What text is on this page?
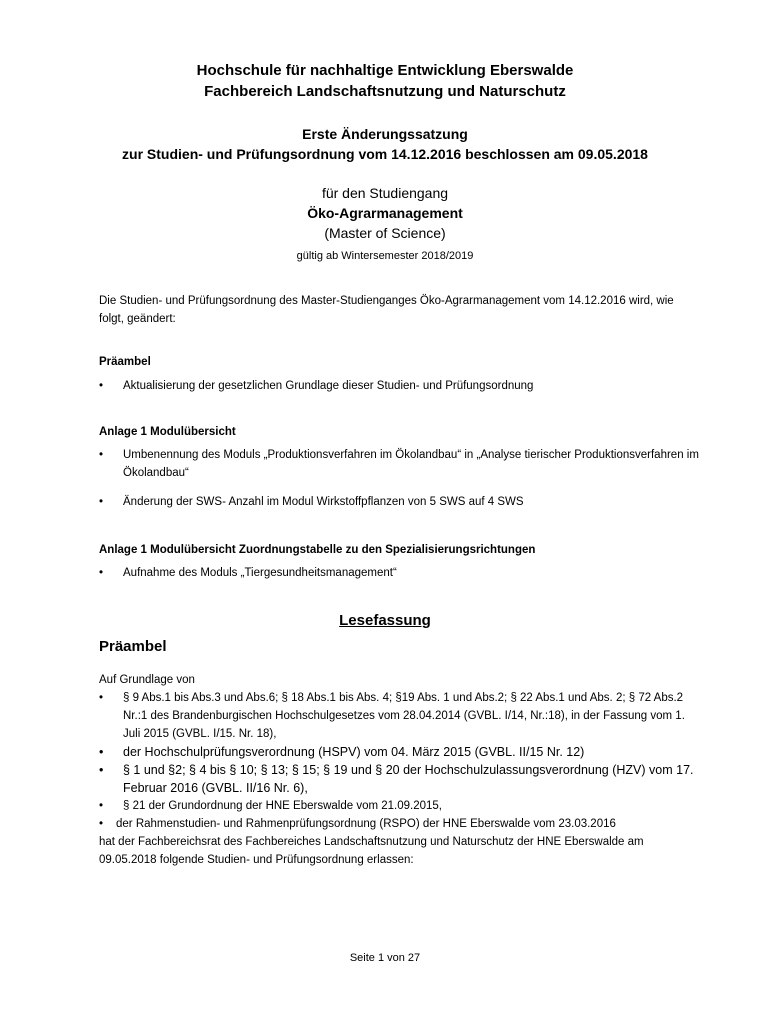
Hochschule für nachhaltige Entwicklung Eberswalde
Fachbereich Landschaftsnutzung und Naturschutz
Erste Änderungssatzung
zur Studien- und Prüfungsordnung vom 14.12.2016 beschlossen am 09.05.2018
für den Studiengang
Öko-Agrarmanagement
(Master of Science)
gültig ab Wintersemester 2018/2019
Die Studien- und Prüfungsordnung des Master-Studienganges Öko-Agrarmanagement vom 14.12.2016 wird, wie folgt, geändert:
Präambel
• Aktualisierung der gesetzlichen Grundlage dieser Studien- und Prüfungsordnung
Anlage 1 Modulübersicht
• Umbenennung des Moduls „Produktionsverfahren im Ökolandbau“ in „Analyse tierischer Produktionsverfahren im Ökolandbau“
• Änderung der SWS- Anzahl im Modul Wirkstoffpflanzen von 5 SWS auf 4 SWS
Anlage 1 Modulübersicht Zuordnungstabelle zu den Spezialisierungsrichtungen
• Aufnahme des Moduls „Tiergesundheitsmanagement“
Lesefassung
Präambel
Auf Grundlage von
• § 9 Abs.1 bis Abs.3 und Abs.6; § 18 Abs.1 bis Abs. 4; §19 Abs. 1 und Abs.2; § 22 Abs.1 und Abs. 2; § 72 Abs.2 Nr.:1 des Brandenburgischen Hochschulgesetzes vom 28.04.2014 (GVBL. I/14, Nr.:18), in der Fassung vom 1. Juli 2015 (GVBL. I/15. Nr. 18),
• der Hochschulprüfungsverordnung (HSPV) vom 04. März 2015 (GVBL. II/15 Nr. 12)
• § 1 und §2; § 4 bis § 10; § 13; § 15; § 19 und § 20 der Hochschulzulassungsverordnung (HZV) vom 17. Februar 2016 (GVBL. II/16 Nr. 6),
• § 21 der Grundordnung der HNE Eberswalde vom 21.09.2015,
• der Rahmenstudien- und Rahmenprüfungsordnung (RSPO) der HNE Eberswalde vom 23.03.2016
hat der Fachbereichsrat des Fachbereiches Landschaftsnutzung und Naturschutz der HNE Eberswalde am 09.05.2018 folgende Studien- und Prüfungsordnung erlassen:
Seite 1 von 27
